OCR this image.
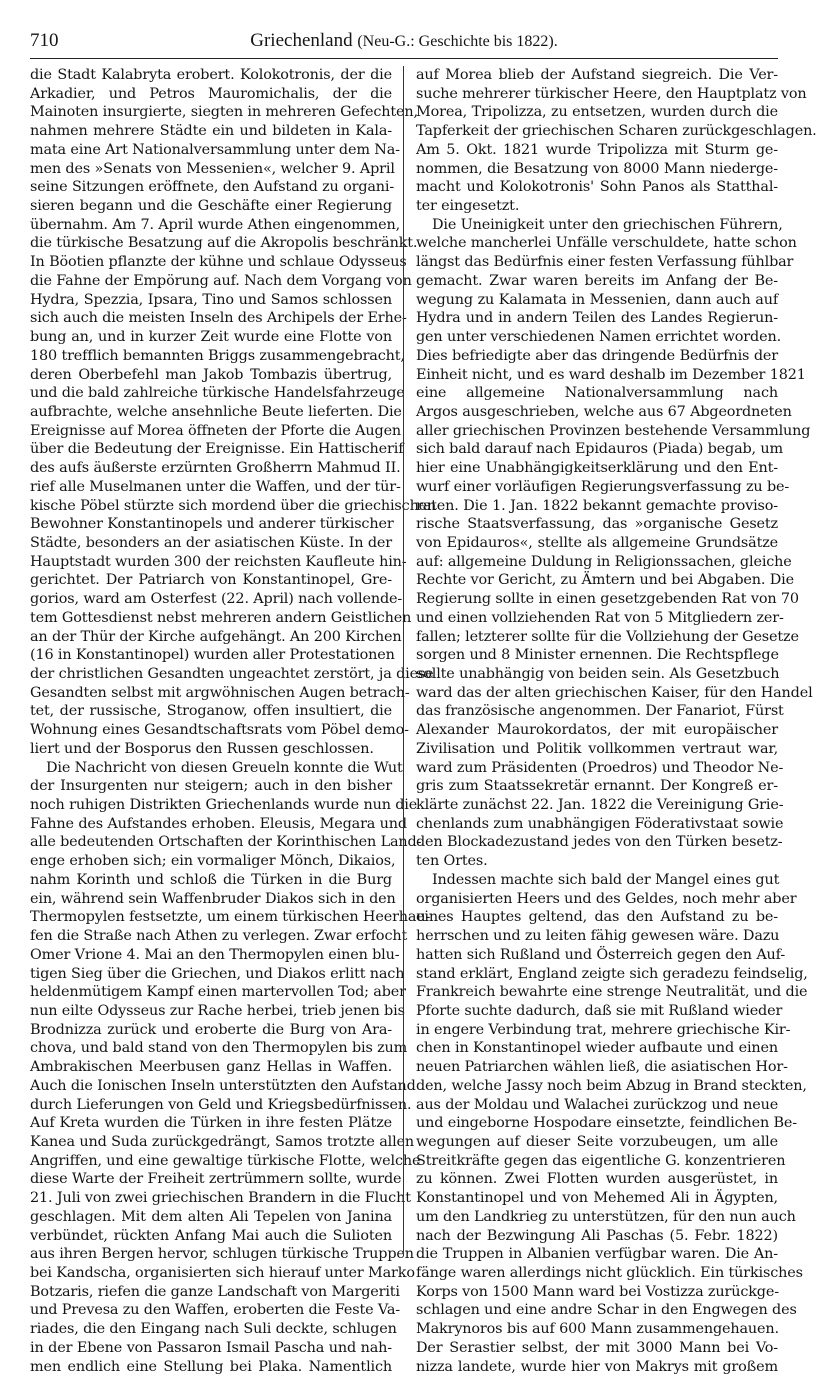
710	Griechenland (Neu-G.: Geschichte bis 1822).
die Stadt Kalabryta erobert. Kolokotronis, der die
Arkadier, und Petros Mauromichalis, der die
Mainoten insurgierte, siegten in mehreren Gefechten,
nahmen mehrere Städte ein und bildeten in Kala-
mata eine Art Nationalversammlung unter dem Na-
men des »Senats von Messenien«, welcher 9. April
seine Sitzungen eröffnete, den Aufstand zu organi-
sieren begann und die Geschäfte einer Regierung
übernahm. Am 7. April wurde Athen eingenommen,
die türkische Besatzung auf die Akropolis beschränkt.
In Böotien pflanzte der kühne und schlaue Odysseus
die Fahne der Empörung auf. Nach dem Vorgang von
Hydra, Spezzia, Ipsara, Tino und Samos schlossen
sich auch die meisten Inseln des Archipels der Erhe-
bung an, und in kurzer Zeit wurde eine Flotte von
180 trefflich bemannten Briggs zusammengebracht,
deren Oberbefehl man Jakob Tombazis übertrug,
und die bald zahlreiche türkische Handelsfahrzeuge
aufbrachte, welche ansehnliche Beute lieferten. Die
Ereignisse auf Morea öffneten der Pforte die Augen
über die Bedeutung der Ereignisse. Ein Hattischerif
des aufs äußerste erzürnten Großherrn Mahmud II.
rief alle Muselmanen unter die Waffen, und der tür-
kische Pöbel stürzte sich mordend über die griechischen
Bewohner Konstantinopels und anderer türkischer
Städte, besonders an der asiatischen Küste. In der
Hauptstadt wurden 300 der reichsten Kaufleute hin-
gerichtet. Der Patriarch von Konstantinopel, Gre-
gorios, ward am Osterfest (22. April) nach vollende-
tem Gottesdienst nebst mehreren andern Geistlichen
an der Thür der Kirche aufgehängt. An 200 Kirchen
(16 in Konstantinopel) wurden aller Protestationen
der christlichen Gesandten ungeachtet zerstört, ja diese
Gesandten selbst mit argwöhnischen Augen betrach-
tet, der russische, Stroganow, offen insultiert, die
Wohnung eines Gesandtschaftsrats vom Pöbel demo-
liert und der Bosporus den Russen geschlossen.
Die Nachricht von diesen Greueln konnte die Wut
der Insurgenten nur steigern; auch in den bisher
noch ruhigen Distrikten Griechenlands wurde nun die
Fahne des Aufstandes erhoben. Eleusis, Megara und
alle bedeutenden Ortschaften der Korinthischen Land-
enge erhoben sich; ein vormaliger Mönch, Dikaios,
nahm Korinth und schloß die Türken in die Burg
ein, während sein Waffenbruder Diakos sich in den
Thermopylen festsetzte, um einem türkischen Heerhau-
fen die Straße nach Athen zu verlegen. Zwar erfocht
Omer Vrione 4. Mai an den Thermopylen einen blu-
tigen Sieg über die Griechen, und Diakos erlitt nach
heldenmütigem Kampf einen martervollen Tod; aber
nun eilte Odysseus zur Rache herbei, trieb jenen bis
Brodnizza zurück und eroberte die Burg von Ara-
chova, und bald stand von den Thermopylen bis zum
Ambrakischen Meerbusen ganz Hellas in Waffen.
Auch die Ionischen Inseln unterstützten den Aufstand
durch Lieferungen von Geld und Kriegsbedürfnissen.
Auf Kreta wurden die Türken in ihre festen Plätze
Kanea und Suda zurückgedrängt, Samos trotzte allen
Angriffen, und eine gewaltige türkische Flotte, welche
diese Warte der Freiheit zertrümmern sollte, wurde
21. Juli von zwei griechischen Brandern in die Flucht
geschlagen. Mit dem alten Ali Tepelen von Janina
verbündet, rückten Anfang Mai auch die Sulioten
aus ihren Bergen hervor, schlugen türkische Truppen
bei Kandscha, organisierten sich hierauf unter Marko
Botzaris, riefen die ganze Landschaft von Margeriti
und Prevesa zu den Waffen, eroberten die Feste Va-
riades, die den Eingang nach Suli deckte, schlugen
in der Ebene von Passaron Ismail Pascha und nah-
men endlich eine Stellung bei Plaka. Namentlich
auf Morea blieb der Aufstand siegreich. Die Ver-
suche mehrerer türkischer Heere, den Hauptplatz von
Morea, Tripolizza, zu entsetzen, wurden durch die
Tapferkeit der griechischen Scharen zurückgeschlagen.
Am 5. Okt. 1821 wurde Tripolizza mit Sturm ge-
nommen, die Besatzung von 8000 Mann niederge-
macht und Kolokotronis' Sohn Panos als Statthal-
ter eingesetzt.
Die Uneinigkeit unter den griechischen Führern,
welche mancherlei Unfälle verschuldete, hatte schon
längst das Bedürfnis einer festen Verfassung fühlbar
gemacht. Zwar waren bereits im Anfang der Be-
wegung zu Kalamata in Messenien, dann auch auf
Hydra und in andern Teilen des Landes Regierun-
gen unter verschiedenen Namen errichtet worden.
Dies befriedigte aber das dringende Bedürfnis der
Einheit nicht, und es ward deshalb im Dezember 1821
eine allgemeine Nationalversammlung nach
Argos ausgeschrieben, welche aus 67 Abgeordneten
aller griechischen Provinzen bestehende Versammlung
sich bald darauf nach Epidauros (Piada) begab, um
hier eine Unabhängigkeitserklärung und den Ent-
wurf einer vorläufigen Regierungsverfassung zu be-
raten. Die 1. Jan. 1822 bekannt gemachte proviso-
rische Staatsverfassung, das »organische Gesetz
von Epidauros«, stellte als allgemeine Grundsätze
auf: allgemeine Duldung in Religionssachen, gleiche
Rechte vor Gericht, zu Ämtern und bei Abgaben. Die
Regierung sollte in einen gesetzgebenden Rat von 70
und einen vollziehenden Rat von 5 Mitgliedern zer-
fallen; letzterer sollte für die Vollziehung der Gesetze
sorgen und 8 Minister ernennen. Die Rechtspflege
sollte unabhängig von beiden sein. Als Gesetzbuch
ward das der alten griechischen Kaiser, für den Handel
das französische angenommen. Der Fanariot, Fürst
Alexander Maurokordatos, der mit europäischer
Zivilisation und Politik vollkommen vertraut war,
ward zum Präsidenten (Proedros) und Theodor Ne-
gris zum Staatssekretär ernannt. Der Kongreß er-
klärte zunächst 22. Jan. 1822 die Vereinigung Grie-
chenlands zum unabhängigen Föderativstaat sowie
den Blockadezustand jedes von den Türken besetz-
ten Ortes.
Indessen machte sich bald der Mangel eines gut
organisierten Heers und des Geldes, noch mehr aber
eines Hauptes geltend, das den Aufstand zu be-
herrschen und zu leiten fähig gewesen wäre. Dazu
hatten sich Rußland und Österreich gegen den Auf-
stand erklärt, England zeigte sich geradezu feindselig,
Frankreich bewahrte eine strenge Neutralität, und die
Pforte suchte dadurch, daß sie mit Rußland wieder
in engere Verbindung trat, mehrere griechische Kir-
chen in Konstantinopel wieder aufbaute und einen
neuen Patriarchen wählen ließ, die asiatischen Hor-
den, welche Jassy noch beim Abzug in Brand steckten,
aus der Moldau und Walachei zurückzog und neue
und eingeborne Hospodare einsetzte, feindlichen Be-
wegungen auf dieser Seite vorzubeugen, um alle
Streitkräfte gegen das eigentliche G. konzentrieren
zu können. Zwei Flotten wurden ausgerüstet, in
Konstantinopel und von Mehemed Ali in Ägypten,
um den Landkrieg zu unterstützen, für den nun auch
nach der Bezwingung Ali Paschas (5. Febr. 1822)
die Truppen in Albanien verfügbar waren. Die An-
fänge waren allerdings nicht glücklich. Ein türkisches
Korps von 1500 Mann ward bei Vostizza zurückge-
schlagen und eine andre Schar in den Engwegen des
Makrynoros bis auf 600 Mann zusammengehauen.
Der Serastier selbst, der mit 3000 Mann bei Vo-
nizza landete, wurde hier von Makrys mit großem
